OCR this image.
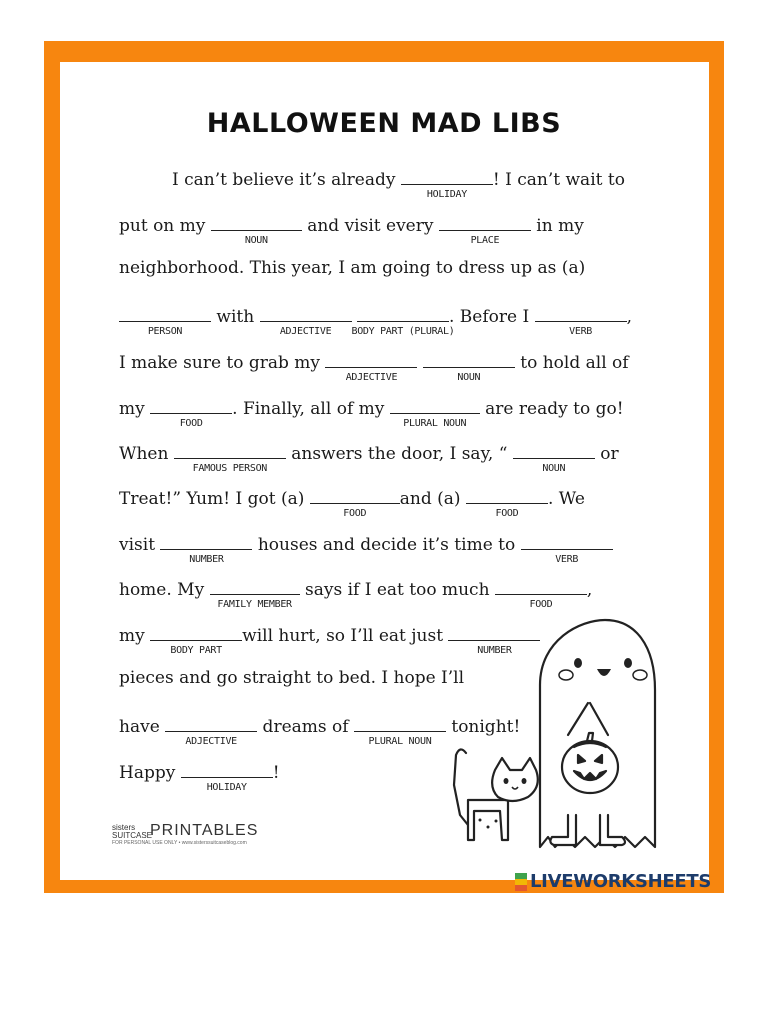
HALLOWEEN MAD LIBS
I can’t believe it’s already
HOLIDAY
! I can’t wait to
put on my
NOUN
and visit every
PLACE
in my
neighborhood. This year, I am going to dress up as (a)
PERSON
with
ADJECTIVE
	BODY PART (PLURAL)
. Before I
VERB
,
I make sure to grab my
ADJECTIVE
	NOUN
to hold all of
my
FOOD
. Finally, all of my
PLURAL NOUN
are ready to go!
When
FAMOUS PERSON
answers the door, I say, “
NOUN
or
Treat!” Yum! I got (a)
FOOD
and (a)
FOOD
. We
visit
NUMBER
houses and decide it’s time to
VERB
home. My
FAMILY MEMBER
says if I eat too much
FOOD
,
my
BODY PART
will hurt, so I’ll eat just
NUMBER
pieces and go straight to bed. I hope I’ll
have
ADJECTIVE
dreams of
PLURAL NOUN
tonight!
Happy
HOLIDAY
!
sisters SUITCASE
PRINTABLES
FOR PERSONAL USE ONLY • www.sisterssuitcaseblog.com
LIVEWORKSHEETS
